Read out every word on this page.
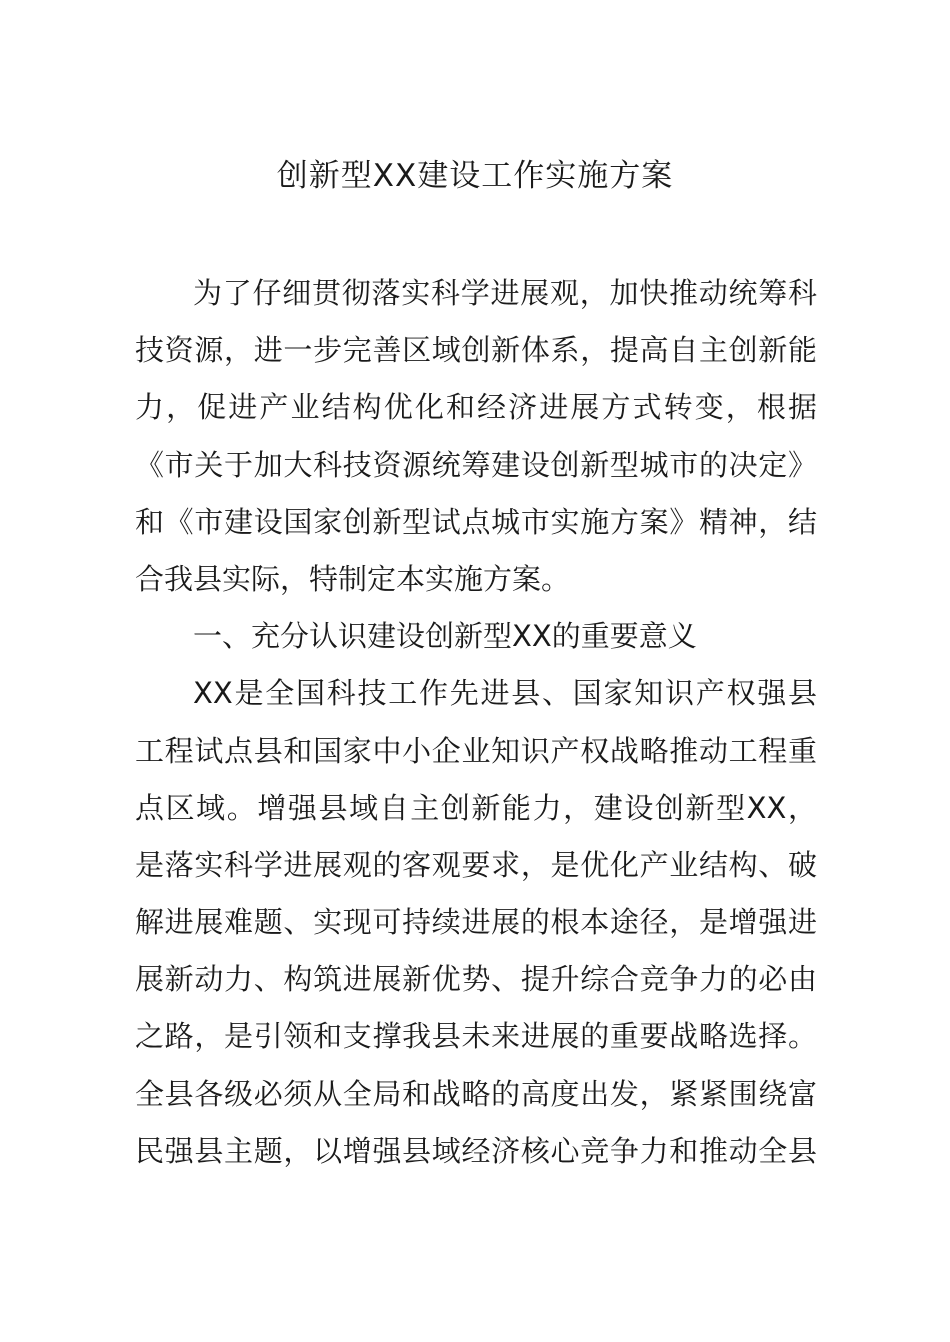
创新型XX建设工作实施方案
为了仔细贯彻落实科学进展观，加快推动统筹科
技资源，进一步完善区域创新体系，提高自主创新能
力，促进产业结构优化和经济进展方式转变，根据
《市关于加大科技资源统筹建设创新型城市的决定》
和《市建设国家创新型试点城市实施方案》精神，结
合我县实际，特制定本实施方案。
一、充分认识建设创新型XX的重要意义
XX是全国科技工作先进县、国家知识产权强县
工程试点县和国家中小企业知识产权战略推动工程重
点区域。增强县域自主创新能力，建设创新型XX，
是落实科学进展观的客观要求，是优化产业结构、破
解进展难题、实现可持续进展的根本途径，是增强进
展新动力、构筑进展新优势、提升综合竞争力的必由
之路，是引领和支撑我县未来进展的重要战略选择。
全县各级必须从全局和战略的高度出发，紧紧围绕富
民强县主题，以增强县域经济核心竞争力和推动全县
